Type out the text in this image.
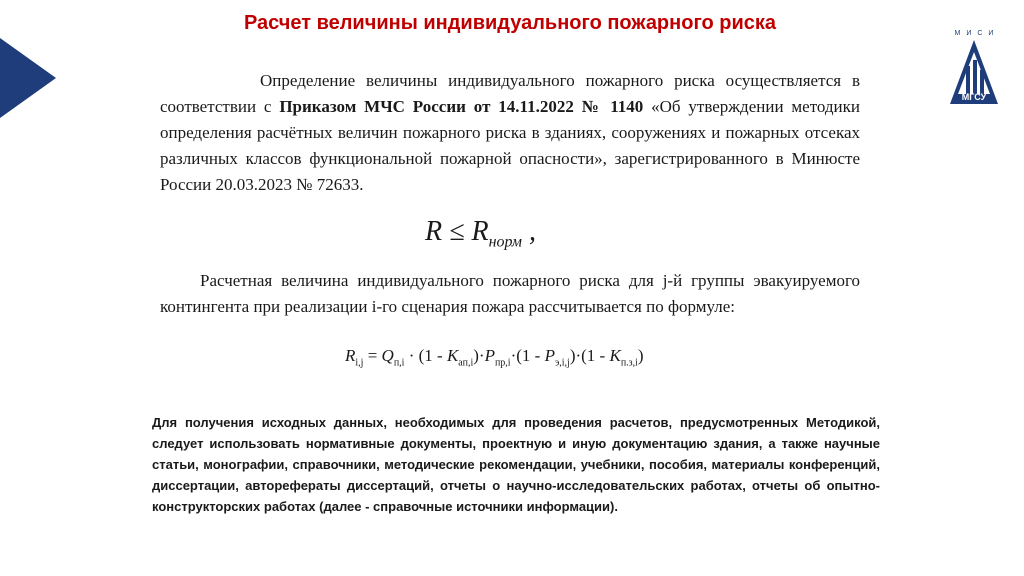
Расчет величины индивидуального пожарного риска	МИСИ
МГСУ
Определение величины индивидуального пожарного риска осуществляется в соответствии с Приказом МЧС России от 14.11.2022 № 1140 «Об утверждении методики определения расчётных величин пожарного риска в зданиях, сооружениях и пожарных отсеках различных классов функциональной пожарной опасности», зарегистрированного в Минюсте России 20.03.2023 № 72633.
$R \le R_{норм}$ ,
Расчетная величина индивидуального пожарного риска для j-й группы эвакуируемого контингента при реализации i-го сценария пожара рассчитывается по формуле:
$R_{i,j} = Q_{п,i} \cdot (1 - K_{ап,i})\cdot P_{пр,i}\cdot(1 - P_{э,i,j})\cdot(1 - K_{п.з,i})$
Для получения исходных данных, необходимых для проведения расчетов, предусмотренных Методикой, следует использовать нормативные документы, проектную и иную документацию здания, а также научные статьи, монографии, справочники, методические рекомендации, учебники, пособия, материалы конференций, диссертации, авторефераты диссертаций, отчеты о научно-исследовательских работах, отчеты об опытно-конструкторских работах (далее - справочные источники информации).
